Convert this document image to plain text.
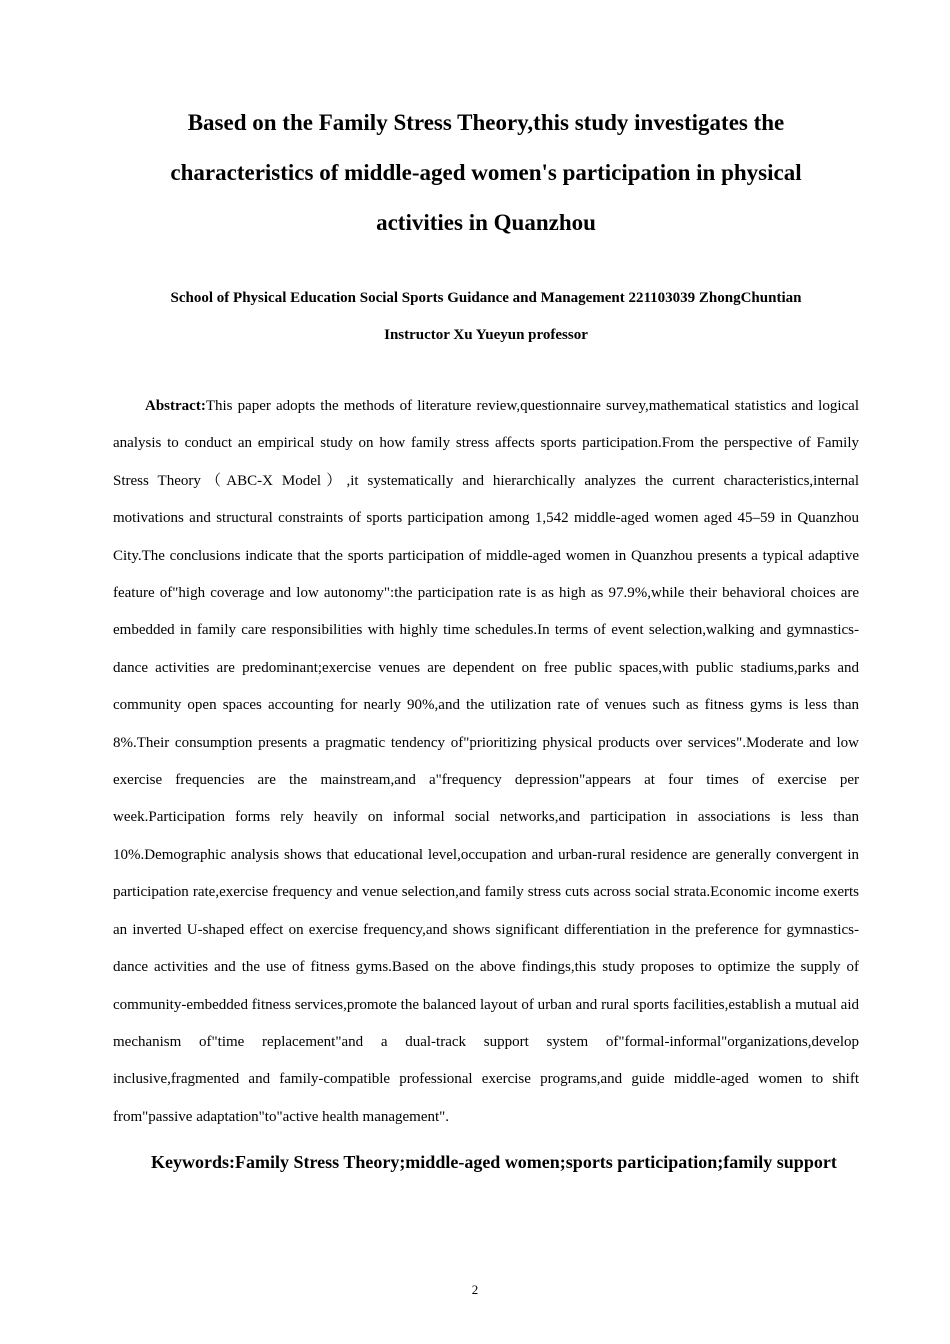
Based on the Family Stress Theory,this study investigates the characteristics of middle-aged women's participation in physical activities in Quanzhou

School of Physical Education Social Sports Guidance and Management 221103039 ZhongChuntian

Instructor Xu Yueyun professor

Abstract:This paper adopts the methods of literature review,questionnaire survey,mathematical statistics and logical analysis to conduct an empirical study on how family stress affects sports participation.From the perspective of Family Stress Theory（ABC-X Model）,it systematically and hierarchically analyzes the current characteristics,internal motivations and structural constraints of sports participation among 1,542 middle-aged women aged 45–59 in Quanzhou City.The conclusions indicate that the sports participation of middle-aged women in Quanzhou presents a typical adaptive feature of"high coverage and low autonomy":the participation rate is as high as 97.9%,while their behavioral choices are embedded in family care responsibilities with highly time schedules.In terms of event selection,walking and gymnastics-dance activities are predominant;exercise venues are dependent on free public spaces,with public stadiums,parks and community open spaces accounting for nearly 90%,and the utilization rate of venues such as fitness gyms is less than 8%.Their consumption presents a pragmatic tendency of"prioritizing physical products over services".Moderate and low exercise frequencies are the mainstream,and a"frequency depression"appears at four times of exercise per week.Participation forms rely heavily on informal social networks,and participation in associations is less than 10%.Demographic analysis shows that educational level,occupation and urban-rural residence are generally convergent in participation rate,exercise frequency and venue selection,and family stress cuts across social strata.Economic income exerts an inverted U-shaped effect on exercise frequency,and shows significant differentiation in the preference for gymnastics-dance activities and the use of fitness gyms.Based on the above findings,this study proposes to optimize the supply of community-embedded fitness services,promote the balanced layout of urban and rural sports facilities,establish a mutual aid mechanism of"time replacement"and a dual-track support system of"formal-informal"organizations,develop inclusive,fragmented and family-compatible professional exercise programs,and guide middle-aged women to shift from"passive adaptation"to"active health management".

Keywords:Family Stress Theory;middle-aged women;sports participation;family support

2
